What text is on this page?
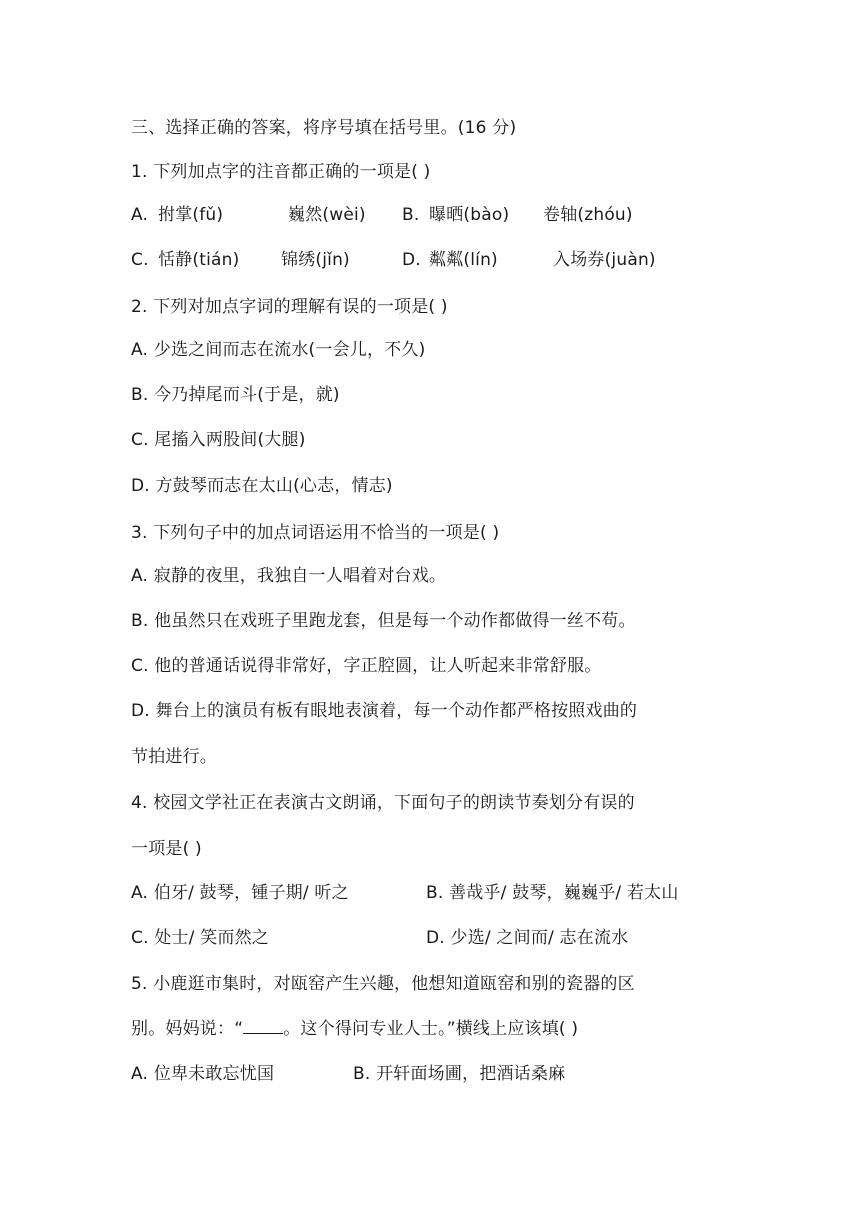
三、选择正确的答案，将序号填在括号里。(16 分)
1. 下列加点字的注音都正确的一项是( )
A. 拊掌(fǔ)	巍然(wèi) B. 曝晒(bào) 卷轴(zhóu)
C. 恬静(tián) 锦绣(jǐn)	D. 粼粼(lín)	入场券(juàn)
2. 下列对加点字词的理解有误的一项是( )
A. 少选之间而志在流水(一会儿，不久)
B. 今乃掉尾而斗(于是，就)
C. 尾搐入两股间(大腿)
D. 方鼓琴而志在太山(心志，情志)
3. 下列句子中的加点词语运用不恰当的一项是( )
A. 寂静的夜里，我独自一人唱着对台戏。
B. 他虽然只在戏班子里跑龙套，但是每一个动作都做得一丝不苟。
C. 他的普通话说得非常好，字正腔圆，让人听起来非常舒服。
D. 舞台上的演员有板有眼地表演着，每一个动作都严格按照戏曲的
节拍进行。
4. 校园文学社正在表演古文朗诵，下面句子的朗读节奏划分有误的
一项是( )
A. 伯牙/ 鼓琴，锺子期/ 听之	B. 善哉乎/ 鼓琴，巍巍乎/ 若太山
C. 处士/ 笑而然之	D. 少选/ 之间而/ 志在流水
5. 小鹿逛市集时，对瓯窑产生兴趣，他想知道瓯窑和别的瓷器的区
别。妈妈说：“ 。这个得问专业人士。”横线上应该填( )
A. 位卑未敢忘忧国	B. 开轩面场圃，把酒话桑麻
